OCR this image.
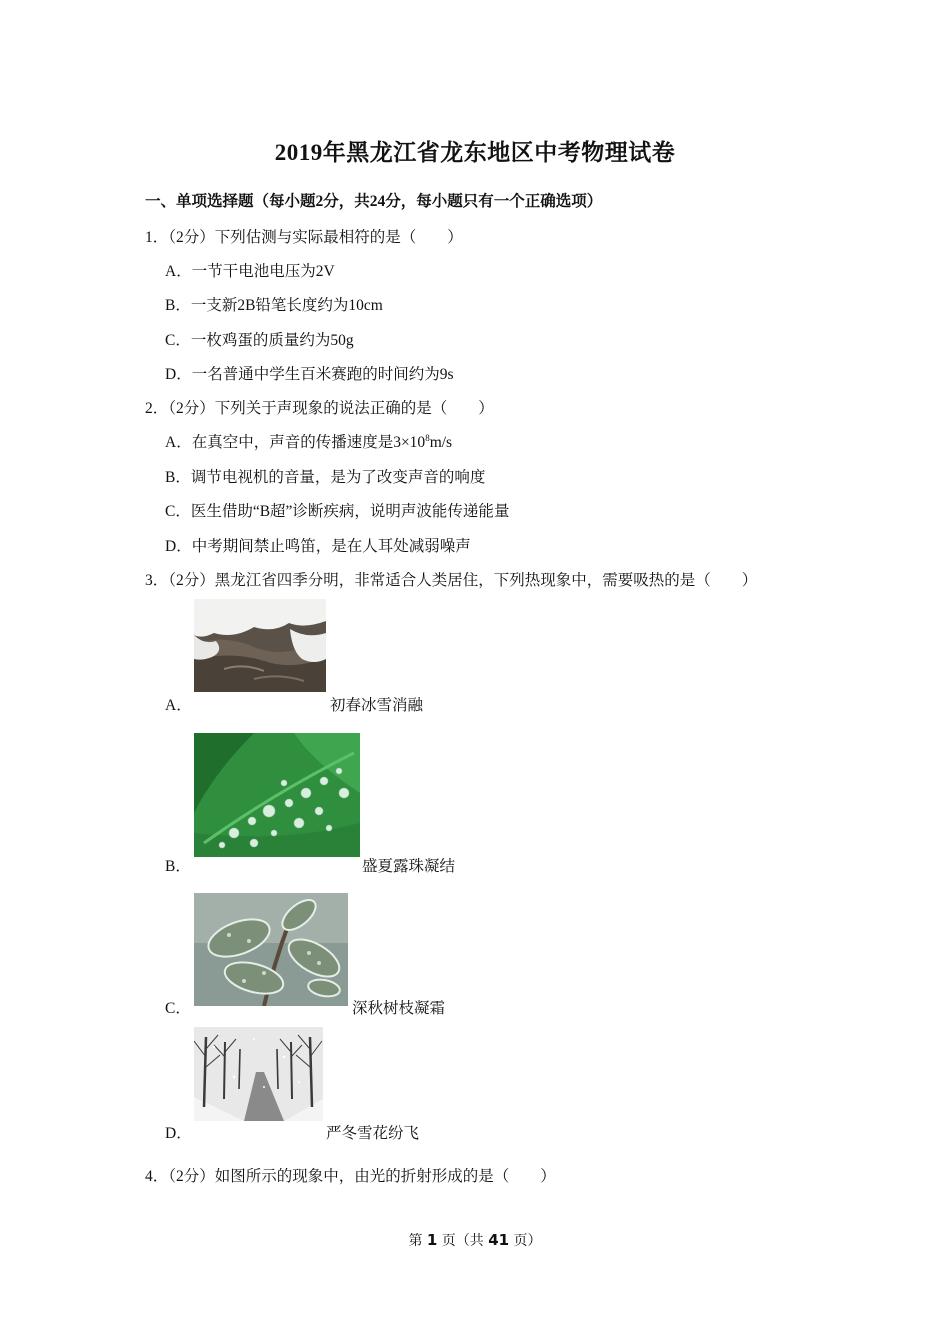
2019年黑龙江省龙东地区中考物理试卷
一、单项选择题（每小题2分，共24分，每小题只有一个正确选项）
1．（2分）下列估测与实际最相符的是（　　）
A．一节干电池电压为2V
B．一支新2B铅笔长度约为10cm
C．一枚鸡蛋的质量约为50g
D．一名普通中学生百米赛跑的时间约为9s
2．（2分）下列关于声现象的说法正确的是（　　）
A．在真空中，声音的传播速度是$3\times 10^8m/s$
B．调节电视机的音量，是为了改变声音的响度
C．医生借助“B超”诊断疾病，说明声波能传递能量
D．中考期间禁止鸣笛，是在人耳处减弱噪声
3．（2分）黑龙江省四季分明，非常适合人类居住，下列热现象中，需要吸热的是（　　）
A．	初春冰雪消融
B．	盛夏露珠凝结
C．	深秋树枝凝霜
D．	严冬雪花纷飞
4．（2分）如图所示的现象中，由光的折射形成的是（　　）
第 1 页（共 41 页）
